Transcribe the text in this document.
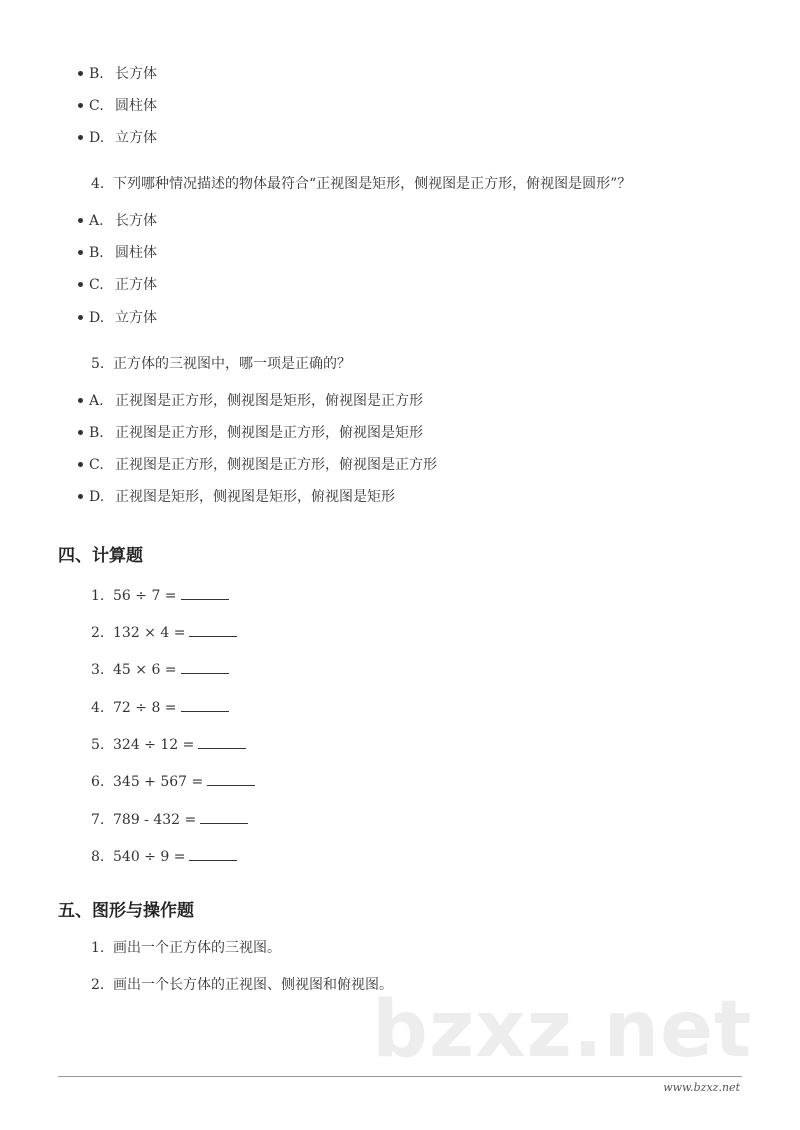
B. 长方体
C. 圆柱体
D. 立方体
4. 下列哪种情况描述的物体最符合“正视图是矩形，侧视图是正方形，俯视图是圆形”？
A. 长方体
B. 圆柱体
C. 正方体
D. 立方体
5. 正方体的三视图中，哪一项是正确的？
A. 正视图是正方形，侧视图是矩形，俯视图是正方形
B. 正视图是正方形，侧视图是正方形，俯视图是矩形
C. 正视图是正方形，侧视图是正方形，俯视图是正方形
D. 正视图是矩形，侧视图是矩形，俯视图是矩形
四、计算题
1. 56 ÷ 7 =
2. 132 × 4 =
3. 45 × 6 =
4. 72 ÷ 8 =
5. 324 ÷ 12 =
6. 345 + 567 =
7. 789 - 432 =
8. 540 ÷ 9 =
五、图形与操作题
1. 画出一个正方体的三视图。
2. 画出一个长方体的正视图、侧视图和俯视图。
bzxz.net
www.bzxz.net
